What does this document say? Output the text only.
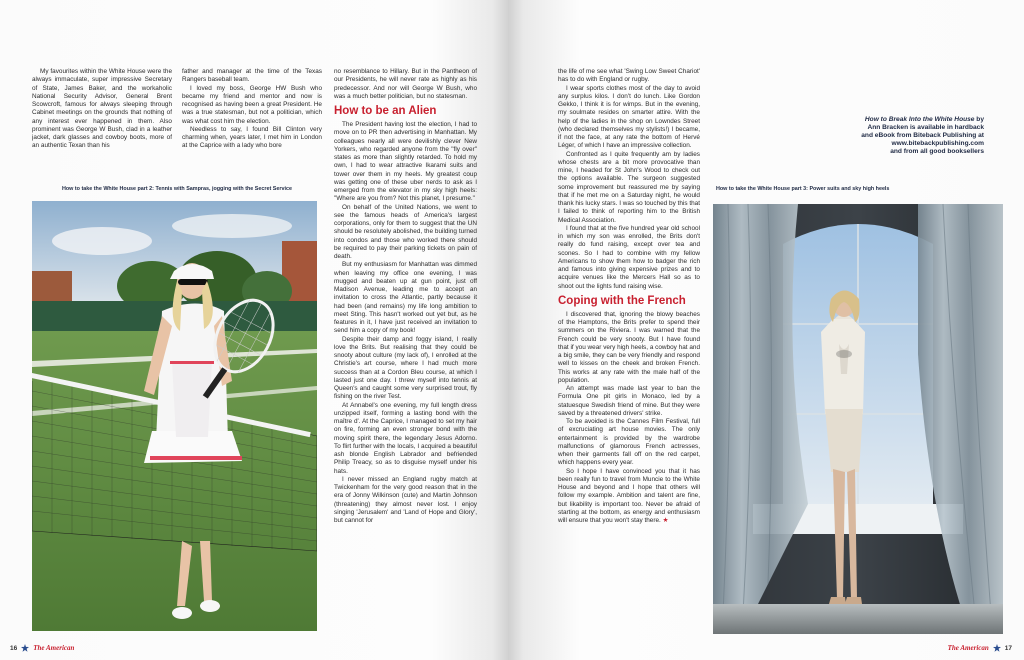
My favourites within the White House were the always immaculate, super impressive Secretary of State, James Baker, and the workaholic National Security Advisor, General Brent Scowcroft, famous for always sleeping through Cabinet meetings on the grounds that nothing of any interest ever happened in them. Also prominent was George W Bush, clad in a leather jacket, dark glasses and cowboy boots, more of an authentic Texan than his

father and manager at the time of the Texas Rangers baseball team.

I loved my boss, George HW Bush who became my friend and mentor and now is recognised as having been a great President. He was a true statesman, but not a politician, which was what cost him the election.

Needless to say, I found Bill Clinton very charming when, years later, I met him in London at the Caprice with a lady who bore

How to take the White House part 2: Tennis with Sampras, jogging with the Secret Service

no resemblance to Hillary. But in the Pantheon of our Presidents, he will never rate as highly as his predecessor. And nor will George W Bush, who was a much better politician, but no statesman.

How to be an Alien

The President having lost the election, I had to move on to PR then advertising in Manhattan. My colleagues nearly all were devilishly clever New Yorkers, who regarded anyone from the "fly over" states as more than slightly retarded. To hold my own, I had to wear attractive Ikarami suits and tower over them in my heels. My greatest coup was getting one of these uber nerds to ask as I emerged from the elevator in my sky high heels: "Where are you from? Not this planet, I presume."

On behalf of the United Nations, we went to see the famous heads of America's largest corporations, only for them to suggest that the UN should be resolutely abolished, the building turned into condos and those who worked there should be required to pay their parking tickets on pain of death.

But my enthusiasm for Manhattan was dimmed when leaving my office one evening, I was mugged and beaten up at gun point, just off Madison Avenue, leading me to accept an invitation to cross the Atlantic, partly because it had been (and remains) my life long ambition to meet Sting. This hasn't worked out yet but, as he features in it, I have just received an invitation to send him a copy of my book!

Despite their damp and foggy island, I really love the Brits. But realising that they could be snooty about culture (my lack of), I enrolled at the Christie's art course, where I had much more success than at a Cordon Bleu course, at which I lasted just one day. I threw myself into tennis at Queen's and caught some very surprised trout, fly fishing on the river Test.

At Annabel's one evening, my full length dress unzipped itself, forming a lasting bond with the maître d'. At the Caprice, I managed to set my hair on fire, forming an even stronger bond with the moving spirit there, the legendary Jesus Adorno. To flirt further with the locals, I acquired a beautiful ash blonde English Labrador and befriended Philip Treacy, so as to disguise myself under his hats.

I never missed an England rugby match at Twickenham for the very good reason that in the era of Jonny Wilkinson (cute) and Martin Johnson (threatening) they almost never lost. I enjoy singing 'Jerusalem' and 'Land of Hope and Glory', but cannot for

16 The American

the life of me see what 'Swing Low Sweet Chariot' has to do with England or rugby.

I wear sports clothes most of the day to avoid any surplus kilos. I don't do lunch. Like Gordon Gekko, I think it is for wimps. But in the evening, my soulmate resides on smarter attire. With the help of the ladies in the shop on Lowndes Street (who declared themselves my stylists!) I became, if not the face, at any rate the bottom of Hervé Léger, of which I have an impressive collection.

Confronted as I quite frequently am by ladies whose chests are a bit more provocative than mine, I headed for St John's Wood to check out the options available. The surgeon suggested some improvement but reassured me by saying that if he met me on a Saturday night, he would thank his lucky stars. I was so touched by this that I failed to think of reporting him to the British Medical Association.

I found that at the five hundred year old school in which my son was enrolled, the Brits don't really do fund raising, except over tea and scones. So I had to combine with my fellow Americans to show them how to badger the rich and famous into giving expensive prizes and to acquire venues like the Mercers Hall so as to shoot out the lights fund raising wise.

Coping with the French

I discovered that, ignoring the blowy beaches of the Hamptons, the Brits prefer to spend their summers on the Riviera. I was warned that the French could be very snooty. But I have found that if you wear very high heels, a cowboy hat and a big smile, they can be very friendly and respond well to kisses on the cheek and broken French. This works at any rate with the male half of the population.

An attempt was made last year to ban the Formula One pit girls in Monaco, led by a statuesque Swedish friend of mine. But they were saved by a threatened drivers' strike.

To be avoided is the Cannes Film Festival, full of excruciating art house movies. The only entertainment is provided by the wardrobe malfunctions of glamorous French actresses, when their garments fall off on the red carpet, which happens every year.

So I hope I have convinced you that it has been really fun to travel from Muncie to the White House and beyond and I hope that others will follow my example. Ambition and talent are fine, but likability is important too. Never be afraid of starting at the bottom, as energy and enthusiasm will ensure that you won't stay there. ★

How to take the White House part 3: Power suits and sky high heels
How to Break Into the White House by
Ann Bracken is available in hardback
and eBook from Biteback Publishing at
www.bitebackpublishing.com
and from all good booksellers
The American 17
